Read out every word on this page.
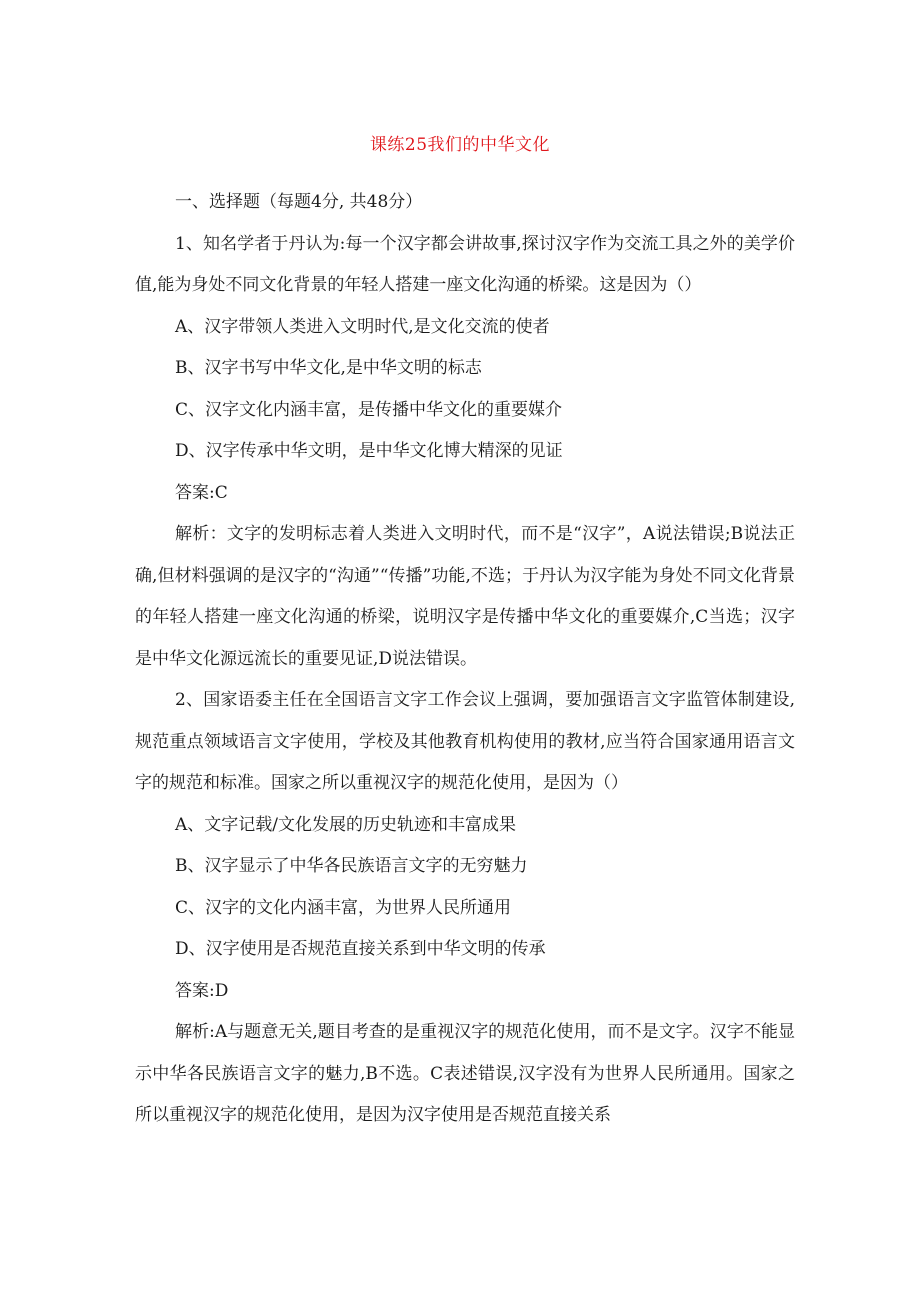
课练25我们的中华文化

一、选择题（每题4分, 共48分）

1、知名学者于丹认为:每一个汉字都会讲故事,探讨汉字作为交流工具之外的美学价值,能为身处不同文化背景的年轻人搭建一座文化沟通的桥梁。这是因为（）

A、汉字带领人类进入文明时代,是文化交流的使者

B、汉字书写中华文化,是中华文明的标志

C、汉字文化内涵丰富，是传播中华文化的重要媒介

D、汉字传承中华文明，是中华文化博大精深的见证

答案:C

解析：文字的发明标志着人类进入文明时代，而不是“汉字”，A说法错误;B说法正确,但材料强调的是汉字的“沟通”“传播”功能,不选；于丹认为汉字能为身处不同文化背景的年轻人搭建一座文化沟通的桥梁，说明汉字是传播中华文化的重要媒介,C当选；汉字是中华文化源远流长的重要见证,D说法错误。

2、国家语委主任在全国语言文字工作会议上强调，要加强语言文字监管体制建设,规范重点领域语言文字使用，学校及其他教育机构使用的教材,应当符合国家通用语言文字的规范和标准。国家之所以重视汉字的规范化使用，是因为（）

A、文字记载/文化发展的历史轨迹和丰富成果

B、汉字显示了中华各民族语言文字的无穷魅力

C、汉字的文化内涵丰富，为世界人民所通用

D、汉字使用是否规范直接关系到中华文明的传承

答案:D

解析:A与题意无关,题目考查的是重视汉字的规范化使用，而不是文字。汉字不能显示中华各民族语言文字的魅力,B不选。C表述错误,汉字没有为世界人民所通用。国家之所以重视汉字的规范化使用，是因为汉字使用是否规范直接关系
